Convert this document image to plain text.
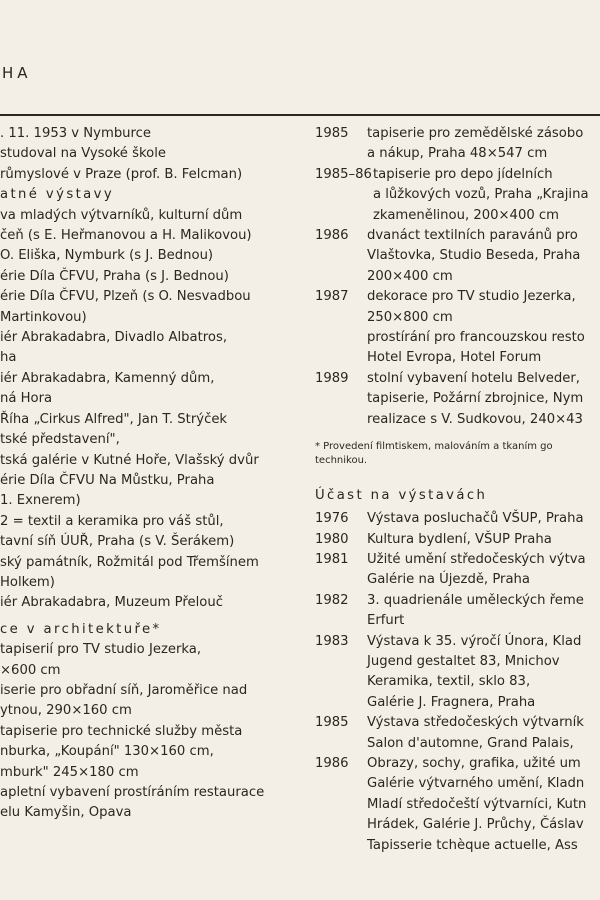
HA
. 11. 1953 v Nymburce
studoval na Vysoké škole
růmyslové v Praze (prof. B. Felcman)
atné výstavy
va mladých výtvarníků, kulturní dům
čeň (s E. Heřmanovou a H. Malikovou)
O. Eliška, Nymburk (s J. Bednou)
érie Díla ČFVU, Praha (s J. Bednou)
érie Díla ČFVU, Plzeň (s O. Nesvadbou
Martinkovou)
iér Abrakadabra, Divadlo Albatros,
ha
iér Abrakadabra, Kamenný dům,
ná Hora
Říha „Cirkus Alfred", Jan T. Strýček
tské představení",
tská galérie v Kutné Hoře, Vlašský dvůr
érie Díla ČFVU Na Můstku, Praha
1. Exnerem)
2 = textil a keramika pro váš stůl,
tavní síň ÚUŘ, Praha (s V. Šerákem)
ský památník, Rožmitál pod Třemšínem
Holkem)
iér Abrakadabra, Muzeum Přelouč
ce v architektuře*
tapiserií pro TV studio Jezerka,
×600 cm
iserie pro obřadní síň, Jaroměřice nad
ytnou, 290×160 cm
tapiserie pro technické služby města
nburka, „Koupání" 130×160 cm,
mburk" 245×180 cm
apletní vybavení prostíráním restaurace
elu Kamyšin, Opava
1985	tapiserie pro zemědělské zásobo
a nákup, Praha 48×547 cm
1985–86 tapiserie pro depo jídelních
a lůžkových vozů, Praha „Krajina
zkamenělinou, 200×400 cm
1986	dvanáct textilních paravánů pro
Vlaštovka, Studio Beseda, Praha
200×400 cm
1987	dekorace pro TV studio Jezerka,
250×800 cm
prostírání pro francouzskou resto
Hotel Evropa, Hotel Forum
1989	stolní vybavení hotelu Belveder,
tapiserie, Požární zbrojnice, Nym
realizace s V. Sudkovou, 240×43
* Provedení filmtiskem, malováním a tkaním go
technikou.
Účast na výstavách
1976	Výstava posluchačů VŠUP, Praha
1980	Kultura bydlení, VŠUP Praha
1981	Užité umění středočeských výtva
Galérie na Újezdě, Praha
1982	3. quadrienále uměleckých řeme
Erfurt
1983	Výstava k 35. výročí Února, Klad
Jugend gestaltet 83, Mnichov
Keramika, textil, sklo 83,
Galérie J. Fragnera, Praha
1985	Výstava středočeských výtvarník
Salon d'automne, Grand Palais,
1986	Obrazy, sochy, grafika, užité um
Galérie výtvarného umění, Kladn
Mladí středočeští výtvarníci, Kutn
Hrádek, Galérie J. Průchy, Čáslav
Tapisserie tchèque actuelle, Ass
